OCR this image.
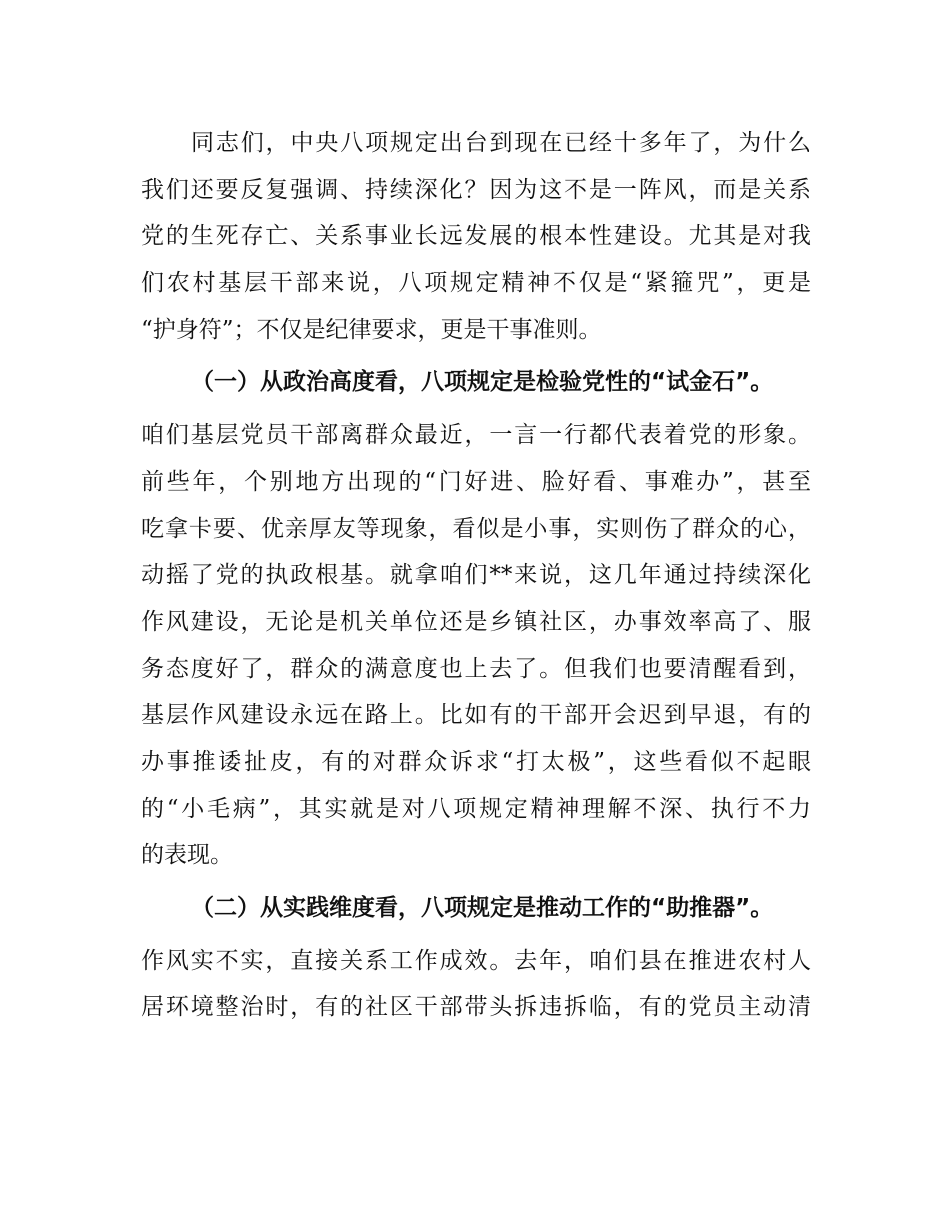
同志们，中央八项规定出台到现在已经十多年了，为什么
我们还要反复强调、持续深化？因为这不是一阵风，而是关系
党的生死存亡、关系事业长远发展的根本性建设。尤其是对我
们农村基层干部来说，八项规定精神不仅是“紧箍咒”，更是
“护身符”；不仅是纪律要求，更是干事准则。
（一）从政治高度看，八项规定是检验党性的“试金石”。
咱们基层党员干部离群众最近，一言一行都代表着党的形象。
前些年，个别地方出现的“门好进、脸好看、事难办”，甚至
吃拿卡要、优亲厚友等现象，看似是小事，实则伤了群众的心，
动摇了党的执政根基。就拿咱们**来说，这几年通过持续深化
作风建设，无论是机关单位还是乡镇社区，办事效率高了、服
务态度好了，群众的满意度也上去了。但我们也要清醒看到，
基层作风建设永远在路上。比如有的干部开会迟到早退，有的
办事推诿扯皮，有的对群众诉求“打太极”，这些看似不起眼
的“小毛病”，其实就是对八项规定精神理解不深、执行不力
的表现。
（二）从实践维度看，八项规定是推动工作的“助推器”。
作风实不实，直接关系工作成效。去年，咱们县在推进农村人
居环境整治时，有的社区干部带头拆违拆临，有的党员主动清
